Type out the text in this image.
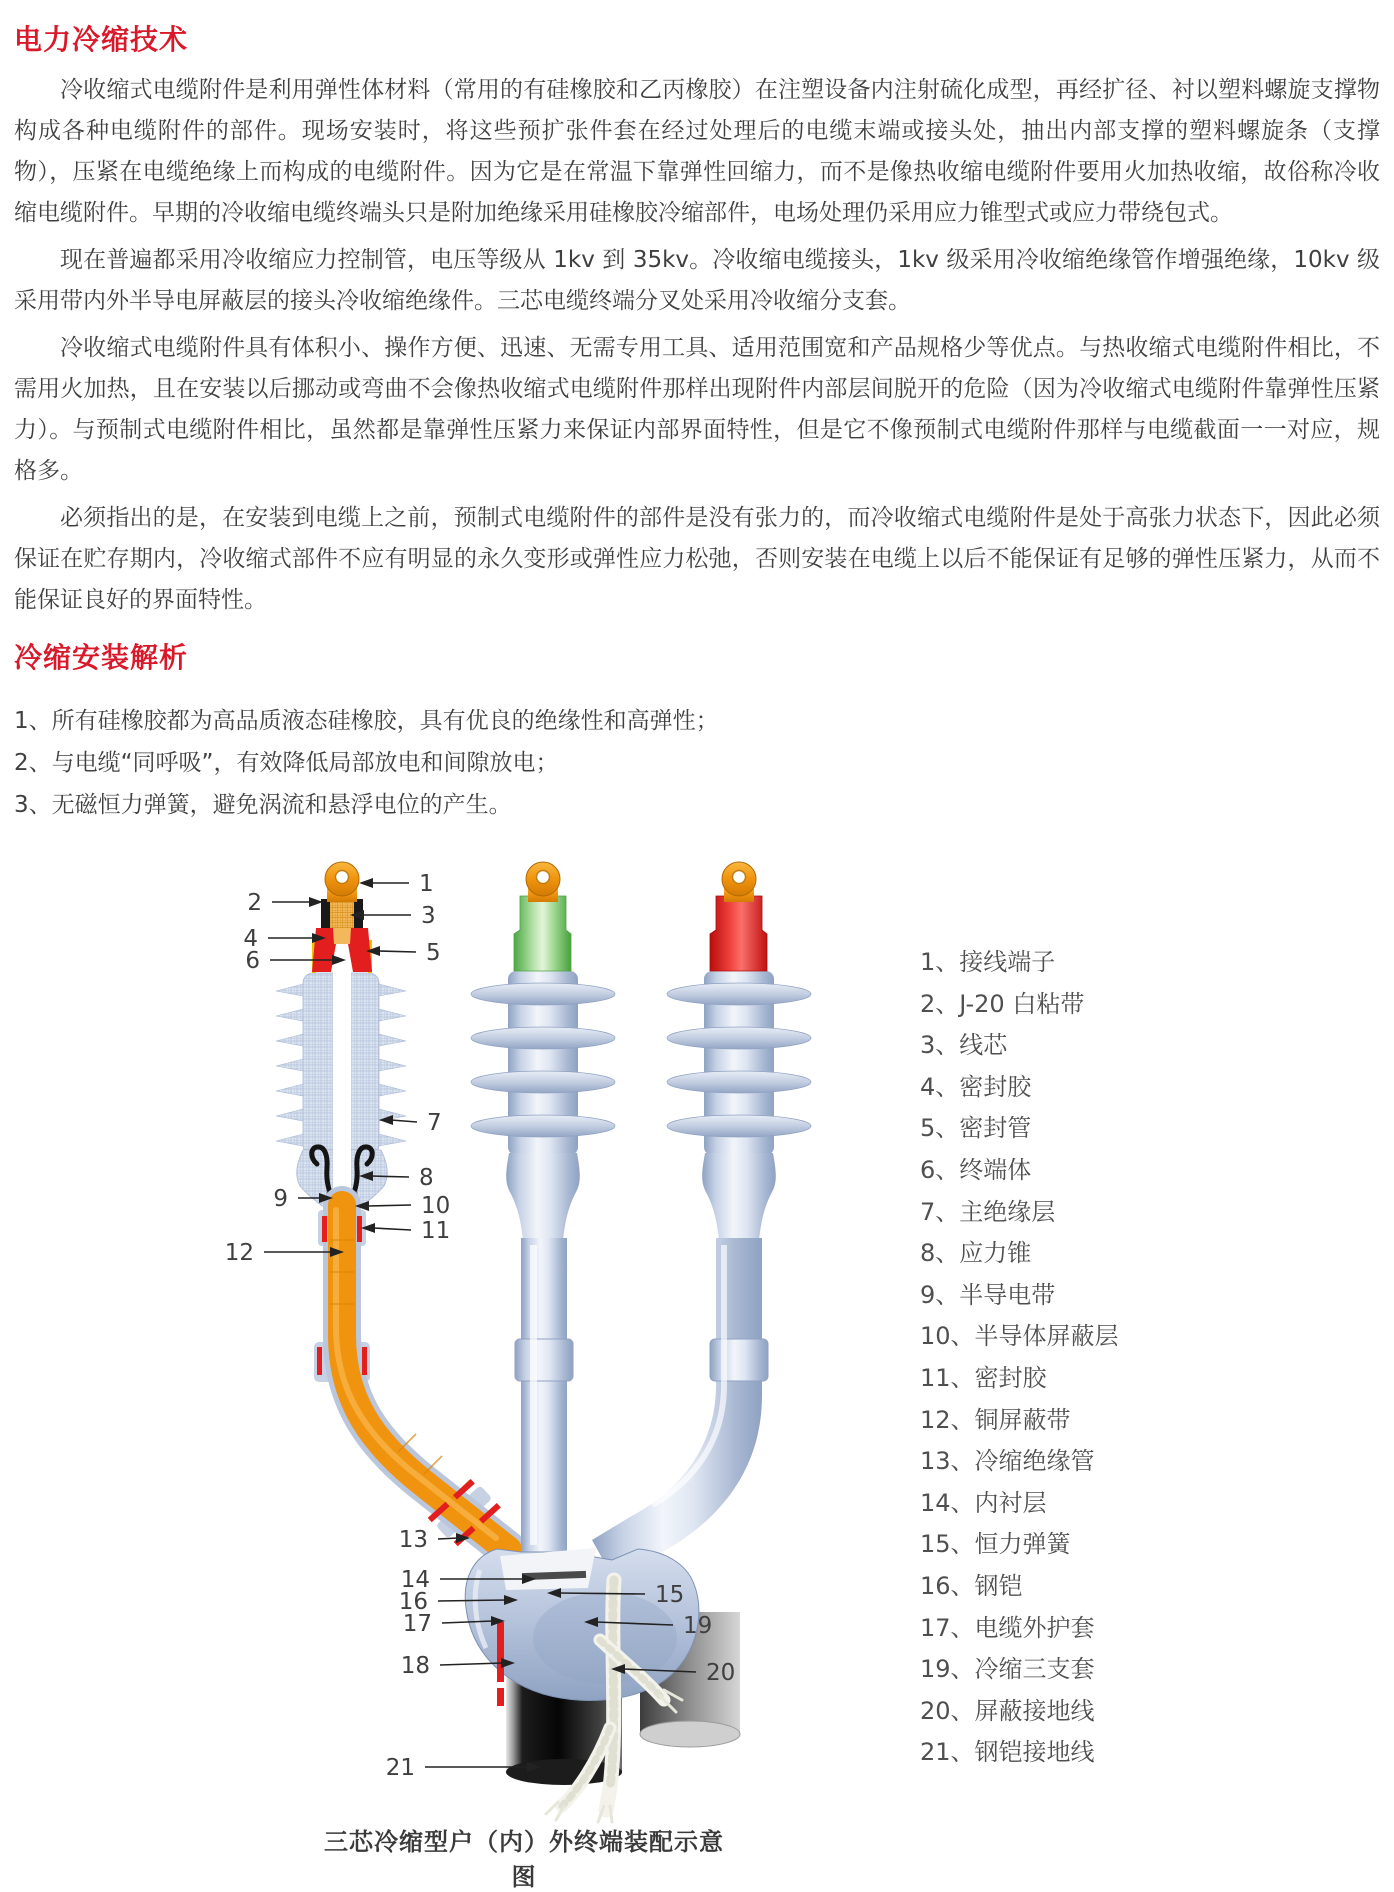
电力冷缩技术

冷收缩式电缆附件是利用弹性体材料（常用的有硅橡胶和乙丙橡胶）在注塑设备内注射硫化成型，再经扩径、衬以塑料螺旋支撑物构成各种电缆附件的部件。现场安装时，将这些预扩张件套在经过处理后的电缆末端或接头处，抽出内部支撑的塑料螺旋条（支撑物），压紧在电缆绝缘上而构成的电缆附件。因为它是在常温下靠弹性回缩力，而不是像热收缩电缆附件要用火加热收缩，故俗称冷收缩电缆附件。早期的冷收缩电缆终端头只是附加绝缘采用硅橡胶冷缩部件，电场处理仍采用应力锥型式或应力带绕包式。

现在普遍都采用冷收缩应力控制管，电压等级从 1kv 到 35kv。冷收缩电缆接头，1kv 级采用冷收缩绝缘管作增强绝缘，10kv 级采用带内外半导电屏蔽层的接头冷收缩绝缘件。三芯电缆终端分叉处采用冷收缩分支套。

冷收缩式电缆附件具有体积小、操作方便、迅速、无需专用工具、适用范围宽和产品规格少等优点。与热收缩式电缆附件相比，不需用火加热，且在安装以后挪动或弯曲不会像热收缩式电缆附件那样出现附件内部层间脱开的危险（因为冷收缩式电缆附件靠弹性压紧力）。与预制式电缆附件相比，虽然都是靠弹性压紧力来保证内部界面特性，但是它不像预制式电缆附件那样与电缆截面一一对应，规格多。

必须指出的是，在安装到电缆上之前，预制式电缆附件的部件是没有张力的，而冷收缩式电缆附件是处于高张力状态下，因此必须保证在贮存期内，冷收缩式部件不应有明显的永久变形或弹性应力松弛，否则安装在电缆上以后不能保证有足够的弹性压紧力，从而不能保证良好的界面特性。

冷缩安装解析
1、所有硅橡胶都为高品质液态硅橡胶，具有优良的绝缘性和高弹性；
2、与电缆“同呼吸”，有效降低局部放电和间隙放电；
3、无磁恒力弹簧，避免涡流和悬浮电位的产生。
1、接线端子
2、J-20 白粘带
3、线芯
4、密封胶
5、密封管
6、终端体
7、主绝缘层
8、应力锥
9、半导电带
10、半导体屏蔽层
11、密封胶
12、铜屏蔽带
13、冷缩绝缘管
14、内衬层
15、恒力弹簧
16、钢铠
17、电缆外护套
19、冷缩三支套
20、屏蔽接地线
21、钢铠接地线
三芯冷缩型户（内）外终端装配示意图
1
2	3
4
5
6
7
8
9	10
11
12
13
14
15
16
17
18
19
20
21
